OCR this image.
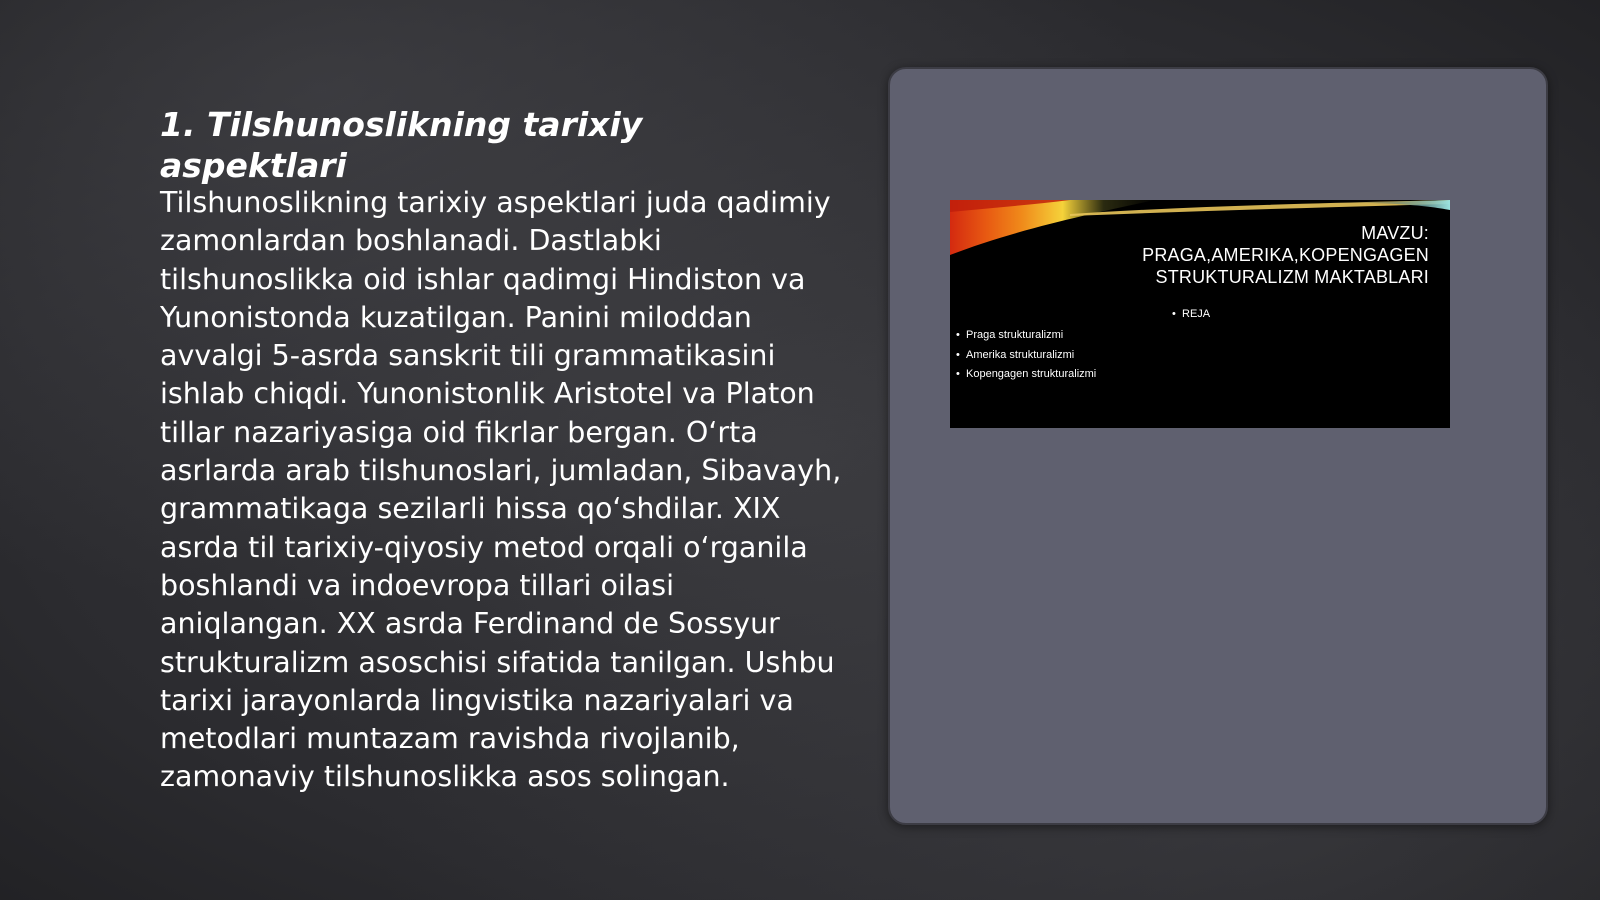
1. Tilshunoslikning tarixiy aspektlari

Tilshunoslikning tarixiy aspektlari juda qadimiy zamonlardan boshlanadi. Dastlabki tilshunoslikka oid ishlar qadimgi Hindiston va Yunonistonda kuzatilgan. Panini miloddan avvalgi 5-asrda sanskrit tili grammatikasini ishlab chiqdi. Yunonistonlik Aristotel va Platon tillar nazariyasiga oid fikrlar bergan. O‘rta asrlarda arab tilshunoslari, jumladan, Sibavayh, grammatikaga sezilarli hissa qo‘shdilar. XIX asrda til tarixiy-qiyosiy metod orqali o‘rganila boshlandi va indoevropa tillari oilasi aniqlangan. XX asrda Ferdinand de Sossyur strukturalizm asoschisi sifatida tanilgan. Ushbu tarixi jarayonlarda lingvistika nazariyalari va metodlari muntazam ravishda rivojlanib, zamonaviy tilshunoslikka asos solingan.

MAVZU:
PRAGA,AMERIKA,KOPENGAGEN
STRUKTURALIZM MAKTABLARI
• REJA
• Praga strukturalizmi
• Amerika strukturalizmi
• Kopengagen strukturalizmi
